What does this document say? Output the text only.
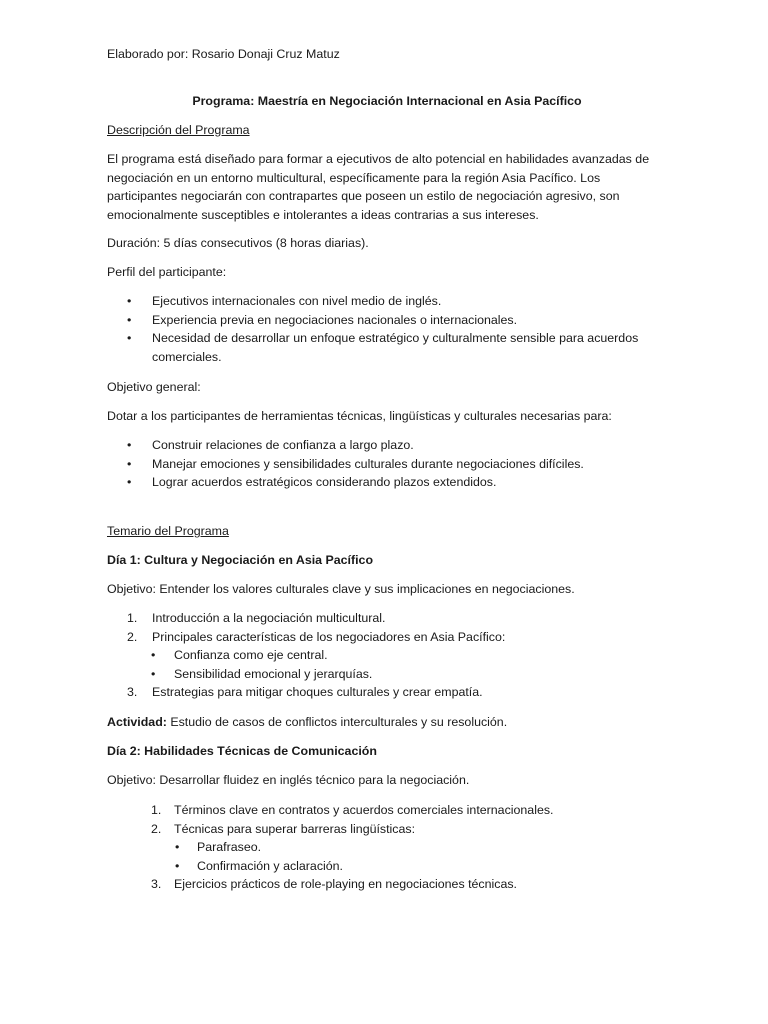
Elaborado por: Rosario Donaji Cruz Matuz

Programa: Maestría en Negociación Internacional en Asia Pacífico

Descripción del Programa

El programa está diseñado para formar a ejecutivos de alto potencial en habilidades avanzadas de negociación en un entorno multicultural, específicamente para la región Asia Pacífico. Los participantes negociarán con contrapartes que poseen un estilo de negociación agresivo, son emocionalmente susceptibles e intolerantes a ideas contrarias a sus intereses.

Duración: 5 días consecutivos (8 horas diarias).

Perfil del participante:

• Ejecutivos internacionales con nivel medio de inglés.
• Experiencia previa en negociaciones nacionales o internacionales.
• Necesidad de desarrollar un enfoque estratégico y culturalmente sensible para acuerdos comerciales.

Objetivo general:

Dotar a los participantes de herramientas técnicas, lingüísticas y culturales necesarias para:

• Construir relaciones de confianza a largo plazo.
• Manejar emociones y sensibilidades culturales durante negociaciones difíciles.
• Lograr acuerdos estratégicos considerando plazos extendidos.

Temario del Programa

Día 1: Cultura y Negociación en Asia Pacífico

Objetivo: Entender los valores culturales clave y sus implicaciones en negociaciones.

1. Introducción a la negociación multicultural.
2. Principales características de los negociadores en Asia Pacífico:
• Confianza como eje central.
• Sensibilidad emocional y jerarquías.
3. Estrategias para mitigar choques culturales y crear empatía.

Actividad: Estudio de casos de conflictos interculturales y su resolución.

Día 2: Habilidades Técnicas de Comunicación

Objetivo: Desarrollar fluidez en inglés técnico para la negociación.

1. Términos clave en contratos y acuerdos comerciales internacionales.
2. Técnicas para superar barreras lingüísticas:
• Parafraseo.
• Confirmación y aclaración.
3. Ejercicios prácticos de role-playing en negociaciones técnicas.
